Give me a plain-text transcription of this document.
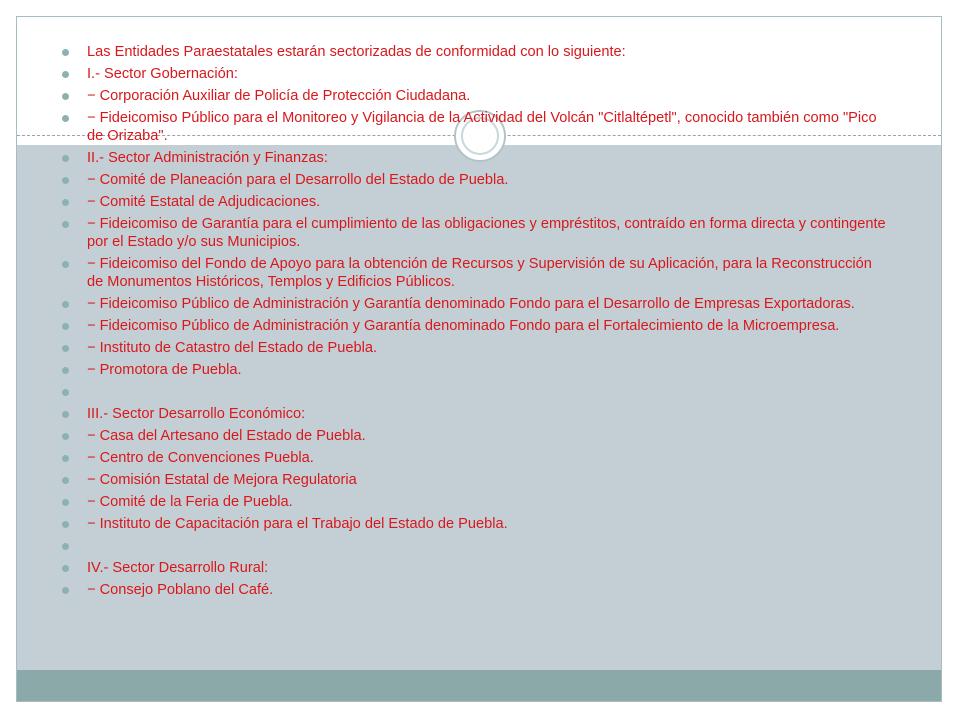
Las Entidades Paraestatales estarán sectorizadas de conformidad con lo siguiente:
I.- Sector Gobernación:
− Corporación Auxiliar de Policía de Protección Ciudadana.
− Fideicomiso Público para el Monitoreo y Vigilancia de la Actividad del Volcán "Citlaltépetl", conocido también como "Pico de Orizaba".
II.- Sector Administración y Finanzas:
− Comité de Planeación para el Desarrollo del Estado de Puebla.
− Comité Estatal de Adjudicaciones.
− Fideicomiso de Garantía para el cumplimiento de las obligaciones y empréstitos, contraído en forma directa y contingente por el Estado y/o sus Municipios.
− Fideicomiso del Fondo de Apoyo para la obtención de Recursos y Supervisión de su Aplicación, para la Reconstrucción de Monumentos Históricos, Templos y Edificios Públicos.
− Fideicomiso Público de Administración y Garantía denominado Fondo para el Desarrollo de Empresas Exportadoras.
− Fideicomiso Público de Administración y Garantía denominado Fondo para el Fortalecimiento de la Microempresa.
− Instituto de Catastro del Estado de Puebla.
− Promotora de Puebla.
III.- Sector Desarrollo Económico:
− Casa del Artesano del Estado de Puebla.
− Centro de Convenciones Puebla.
− Comisión Estatal de Mejora Regulatoria
− Comité de la Feria de Puebla.
− Instituto de Capacitación para el Trabajo del Estado de Puebla.
IV.- Sector Desarrollo Rural:
− Consejo Poblano del Café.
